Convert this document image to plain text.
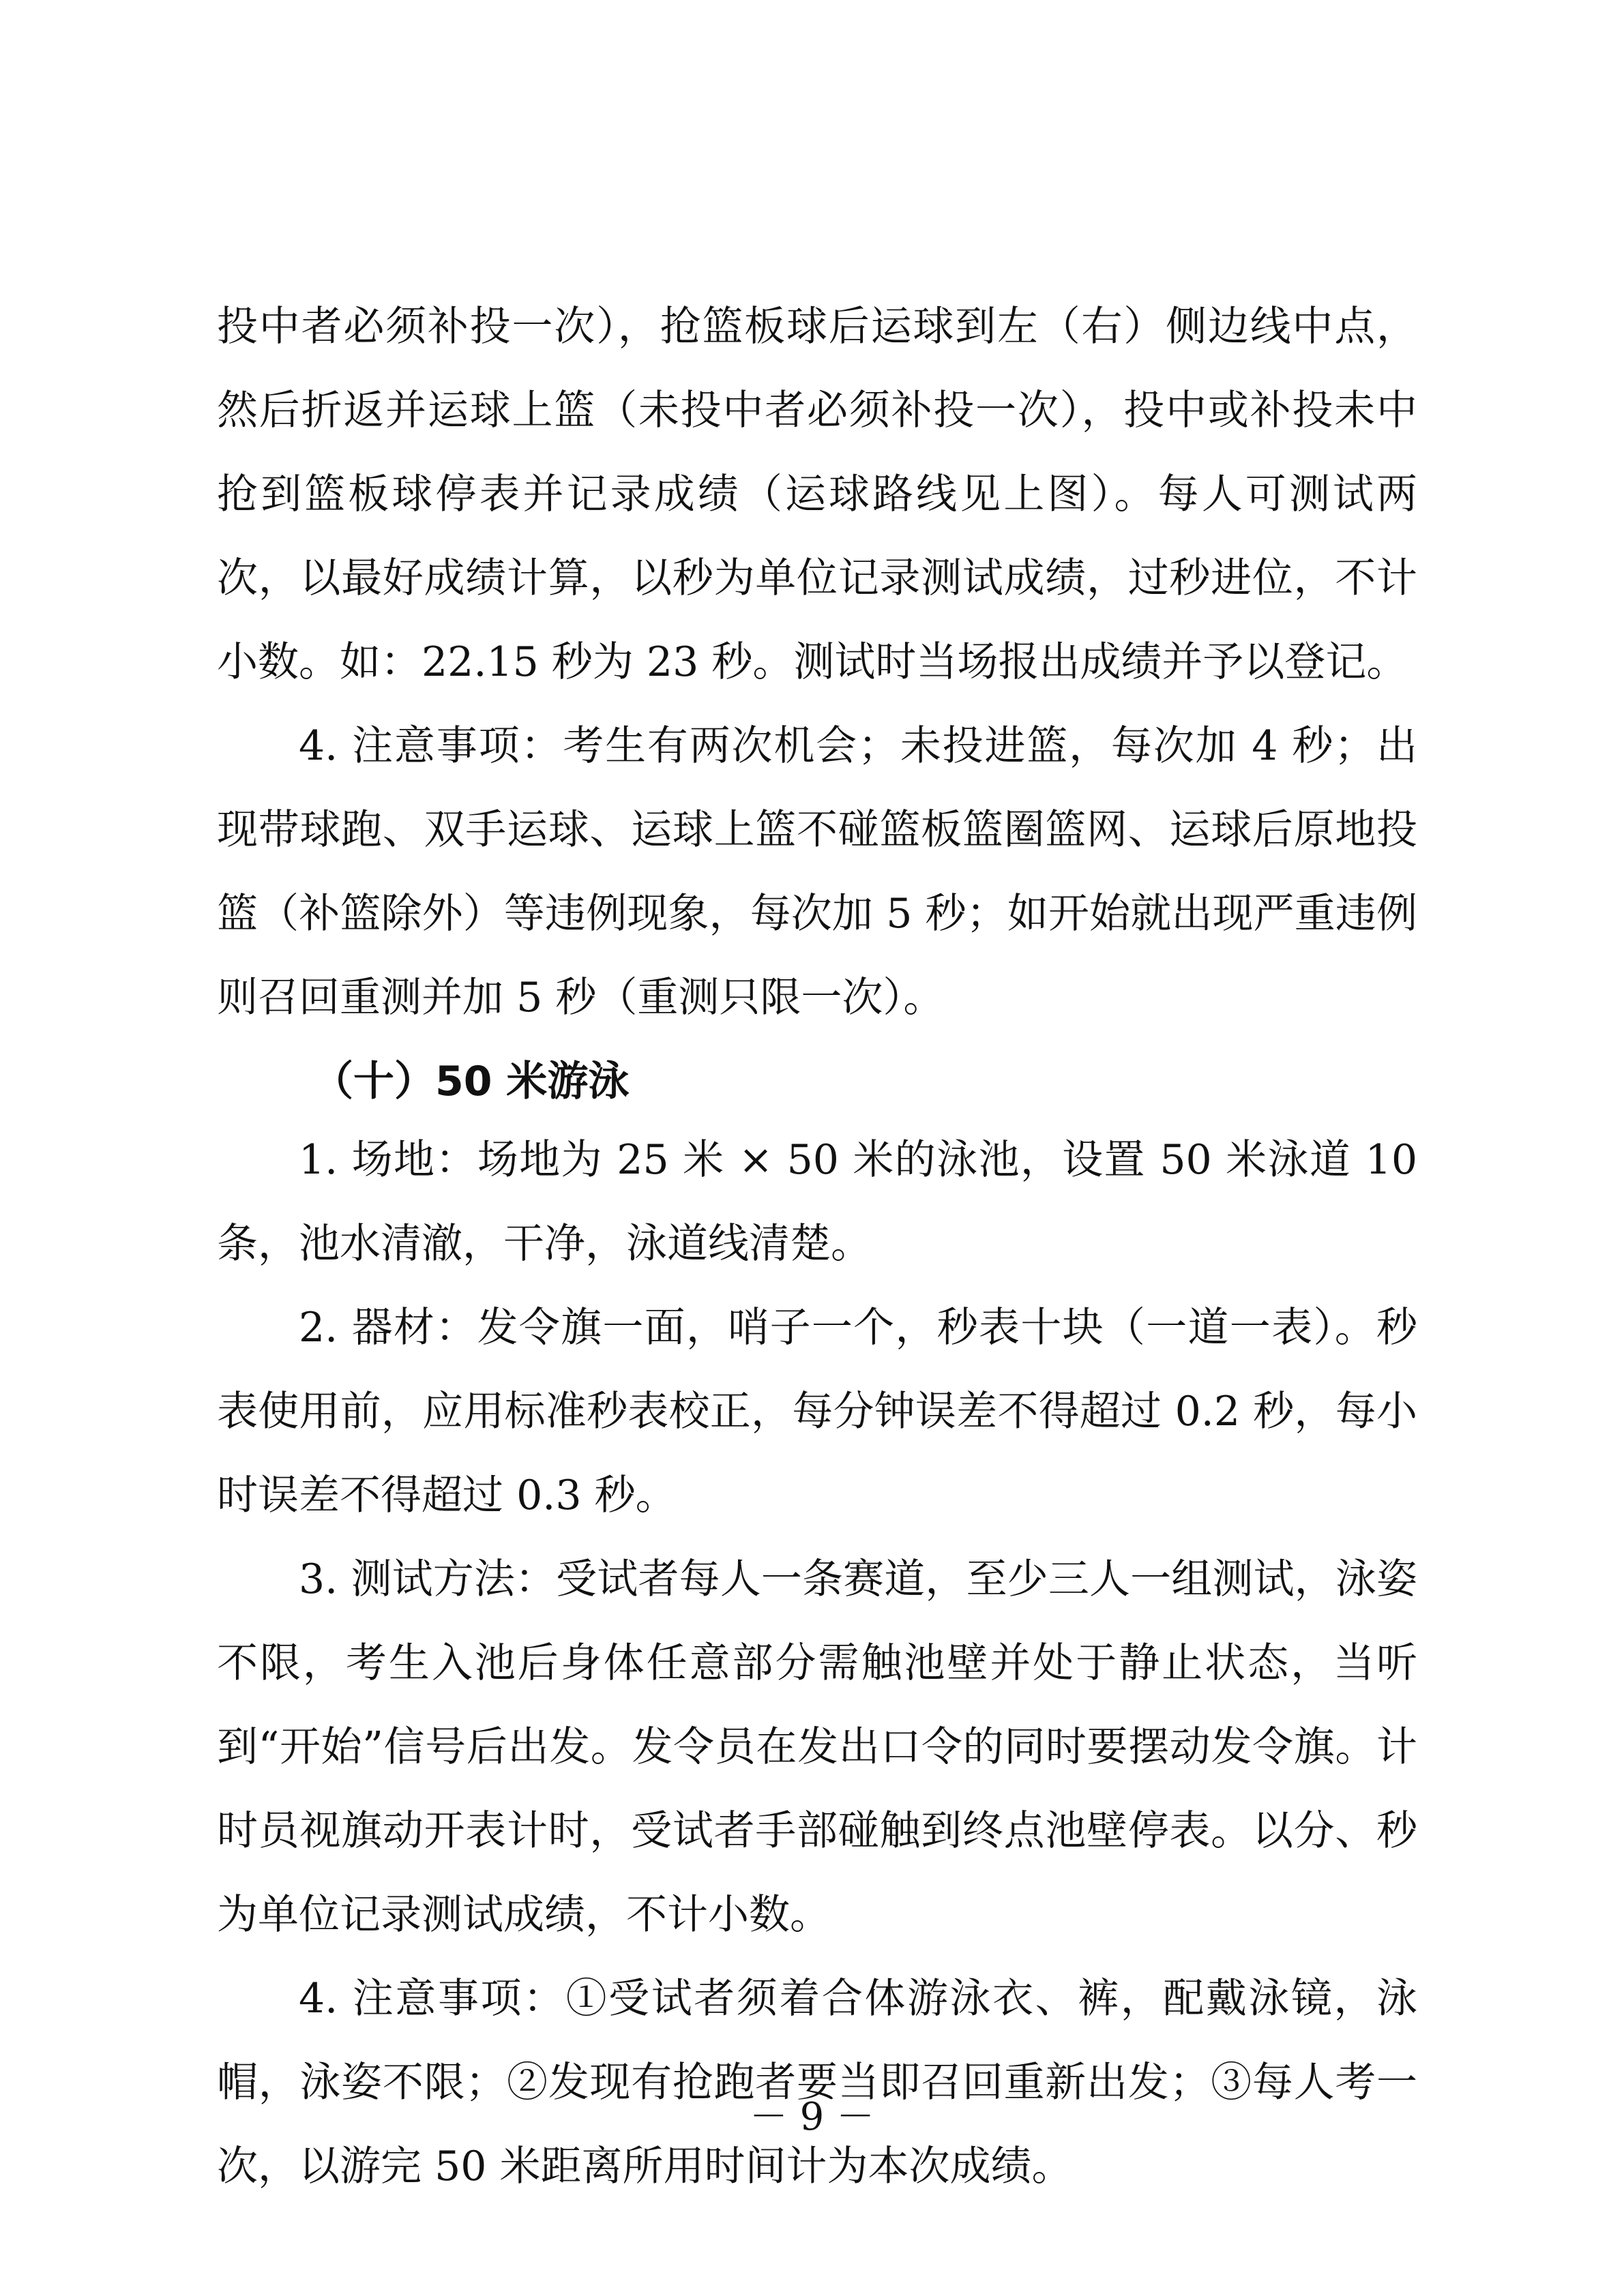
投中者必须补投一次），抢篮板球后运球到左（右）侧边线中点，然后折返并运球上篮（未投中者必须补投一次），投中或补投未中抢到篮板球停表并记录成绩（运球路线见上图）。每人可测试两次，以最好成绩计算，以秒为单位记录测试成绩，过秒进位，不计小数。如：22.15 秒为 23 秒。测试时当场报出成绩并予以登记。

4. 注意事项：考生有两次机会；未投进篮，每次加 4 秒；出现带球跑、双手运球、运球上篮不碰篮板篮圈篮网、运球后原地投篮（补篮除外）等违例现象，每次加 5 秒；如开始就出现严重违例则召回重测并加 5 秒（重测只限一次）。

（十）50 米游泳

1. 场地：场地为 25 米 × 50 米的泳池，设置 50 米泳道 10 条，池水清澈，干净，泳道线清楚。

2. 器材：发令旗一面，哨子一个，秒表十块（一道一表）。秒表使用前，应用标准秒表校正，每分钟误差不得超过 0.2 秒，每小时误差不得超过 0.3 秒。

3. 测试方法：受试者每人一条赛道，至少三人一组测试，泳姿不限，考生入池后身体任意部分需触池壁并处于静止状态，当听到“开始”信号后出发。发令员在发出口令的同时要摆动发令旗。计时员视旗动开表计时，受试者手部碰触到终点池壁停表。以分、秒为单位记录测试成绩，不计小数。

4. 注意事项：①受试者须着合体游泳衣、裤，配戴泳镜，泳帽，泳姿不限；②发现有抢跑者要当即召回重新出发；③每人考一次，以游完 50 米距离所用时间计为本次成绩。

－ 9 －
